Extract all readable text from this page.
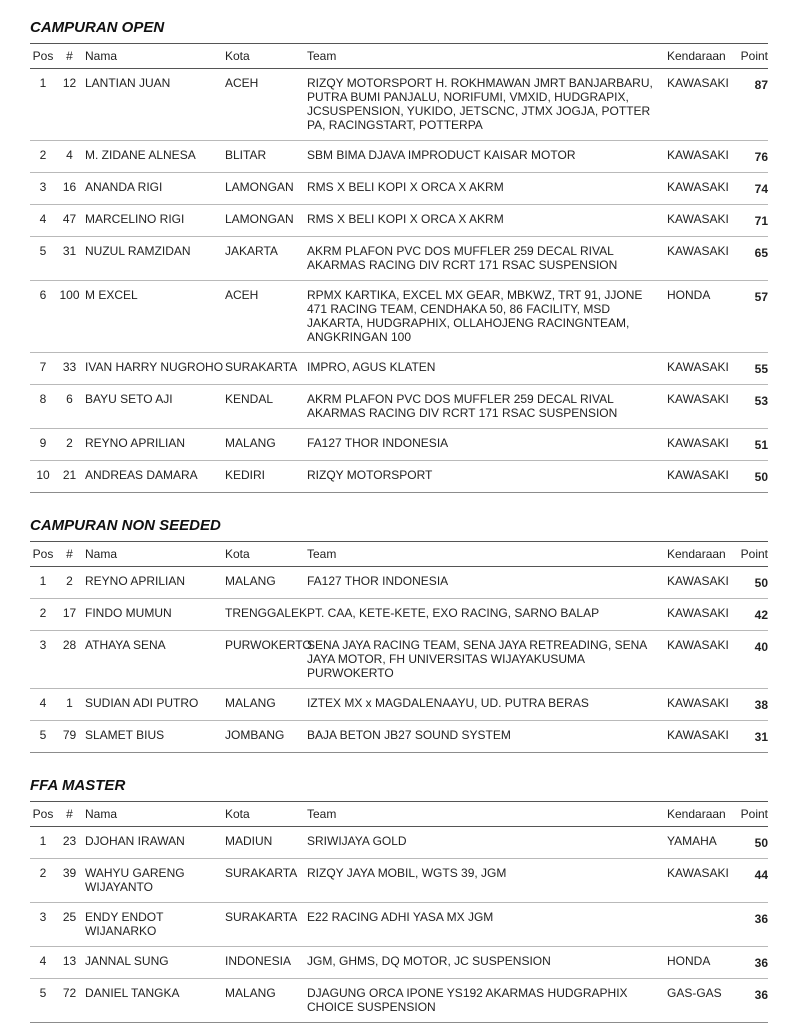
CAMPURAN OPEN
Pos	#	Nama	Kota	Team	Kendaraan	Point
1	12	LANTIAN JUAN	ACEH	RIZQY MOTORSPORT H. ROKHMAWAN JMRT BANJARBARU, PUTRA BUMI PANJALU, NORIFUMI, VMXID, HUDGRAPIX, JCSUSPENSION, YUKIDO, JETSCNC, JTMX JOGJA, POTTER PA, RACINGSTART, POTTERPA	KAWASAKI	87
2	4	M. ZIDANE ALNESA	BLITAR	SBM BIMA DJAVA IMPRODUCT KAISAR MOTOR	KAWASAKI	76
3	16	ANANDA RIGI	LAMONGAN	RMS X BELI KOPI X ORCA X AKRM	KAWASAKI	74
4	47	MARCELINO RIGI	LAMONGAN	RMS X BELI KOPI X ORCA X AKRM	KAWASAKI	71
5	31	NUZUL RAMZIDAN	JAKARTA	AKRM PLAFON PVC DOS MUFFLER 259 DECAL RIVAL AKARMAS RACING DIV RCRT 171 RSAC SUSPENSION	KAWASAKI	65
6	100	M EXCEL	ACEH	RPMX KARTIKA, EXCEL MX GEAR, MBKWZ, TRT 91, JJONE 471 RACING TEAM, CENDHAKA 50, 86 FACILITY, MSD JAKARTA, HUDGRAPHIX, OLLAHOJENG RACINGNTEAM, ANGKRINGAN 100	HONDA	57
7	33	IVAN HARRY NUGROHO	SURAKARTA	IMPRO, AGUS KLATEN	KAWASAKI	55
8	6	BAYU SETO AJI	KENDAL	AKRM PLAFON PVC DOS MUFFLER 259 DECAL RIVAL AKARMAS RACING DIV RCRT 171 RSAC SUSPENSION	KAWASAKI	53
9	2	REYNO APRILIAN	MALANG	FA127 THOR INDONESIA	KAWASAKI	51
10	21	ANDREAS DAMARA	KEDIRI	RIZQY MOTORSPORT	KAWASAKI	50
CAMPURAN NON SEEDED
Pos	#	Nama	Kota	Team	Kendaraan	Point
1	2	REYNO APRILIAN	MALANG	FA127 THOR INDONESIA	KAWASAKI	50
2	17	FINDO MUMUN	TRENGGALEK	PT. CAA, KETE-KETE, EXO RACING, SARNO BALAP	KAWASAKI	42
3	28	ATHAYA SENA	PURWOKERTO	SENA JAYA RACING TEAM, SENA JAYA RETREADING, SENA JAYA MOTOR, FH UNIVERSITAS WIJAYAKUSUMA PURWOKERTO	KAWASAKI	40
4	1	SUDIAN ADI PUTRO	MALANG	IZTEX MX x MAGDALENAAYU, UD. PUTRA BERAS	KAWASAKI	38
5	79	SLAMET BIUS	JOMBANG	BAJA BETON JB27 SOUND SYSTEM	KAWASAKI	31
FFA MASTER
Pos	#	Nama	Kota	Team	Kendaraan	Point
1	23	DJOHAN IRAWAN	MADIUN	SRIWIJAYA GOLD	YAMAHA	50
2	39	WAHYU GARENG WIJAYANTO	SURAKARTA	RIZQY JAYA MOBIL, WGTS 39, JGM	KAWASAKI	44
3	25	ENDY ENDOT WIJANARKO	SURAKARTA	E22 RACING ADHI YASA MX JGM		36
4	13	JANNAL SUNG	INDONESIA	JGM, GHMS, DQ MOTOR, JC SUSPENSION	HONDA	36
5	72	DANIEL TANGKA	MALANG	DJAGUNG ORCA IPONE YS192 AKARMAS HUDGRAPHIX CHOICE SUSPENSION	GAS-GAS	36
